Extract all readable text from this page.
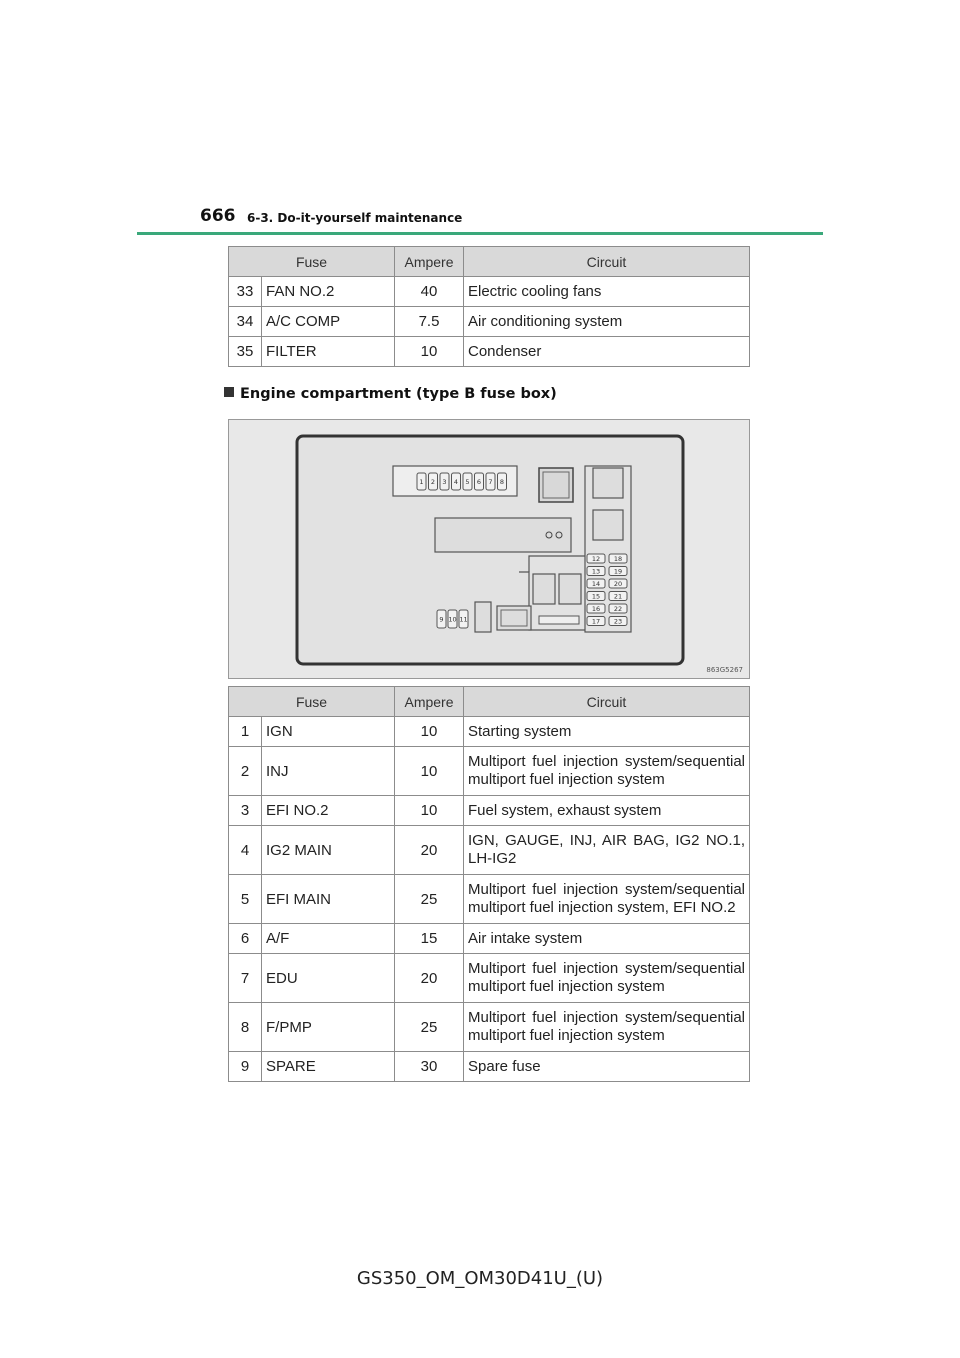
666 6-3. Do-it-yourself maintenance
Fuse		Ampere	Circuit
33	FAN NO.2	40	Electric cooling fans
34	A/C COMP	7.5	Air conditioning system
35	FILTER	10	Condenser
Engine compartment (type B fuse box)
1 2 3 4 5 6 7 8
9 10 11
12
13
14
15
16
17
18
19
20
21
22
23
863G5267
Fuse		Ampere	Circuit
1	IGN	10	Starting system
2	INJ	10	Multiport fuel injection system/sequential multiport fuel injection system
3	EFI NO.2	10	Fuel system, exhaust system
4	IG2 MAIN	20	IGN, GAUGE, INJ, AIR BAG, IG2 NO.1, LH-IG2
5	EFI MAIN	25	Multiport fuel injection system/sequential multiport fuel injection system, EFI NO.2
6	A/F	15	Air intake system
7	EDU	20	Multiport fuel injection system/sequential multiport fuel injection system
8	F/PMP	25	Multiport fuel injection system/sequential multiport fuel injection system
9	SPARE	30	Spare fuse
GS350_OM_OM30D41U_(U)
